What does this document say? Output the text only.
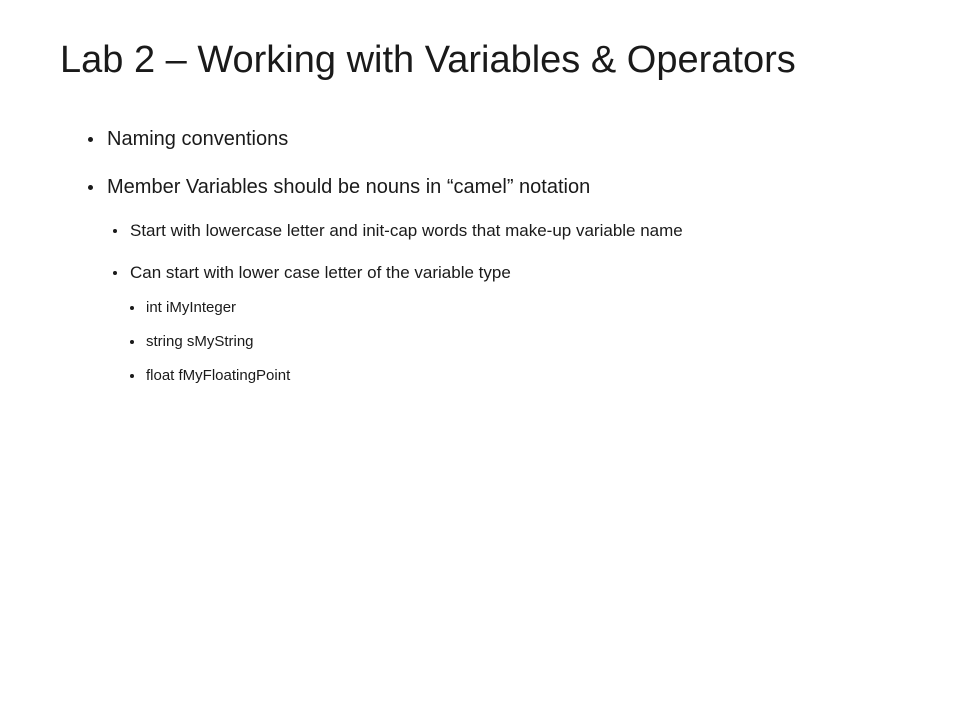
Lab 2 – Working with Variables & Operators
Naming conventions
Member Variables should be nouns in “camel” notation
Start with lowercase letter and init-cap words that make-up variable name
Can start with lower case letter of the variable type
int iMyInteger
string sMyString
float fMyFloatingPoint
